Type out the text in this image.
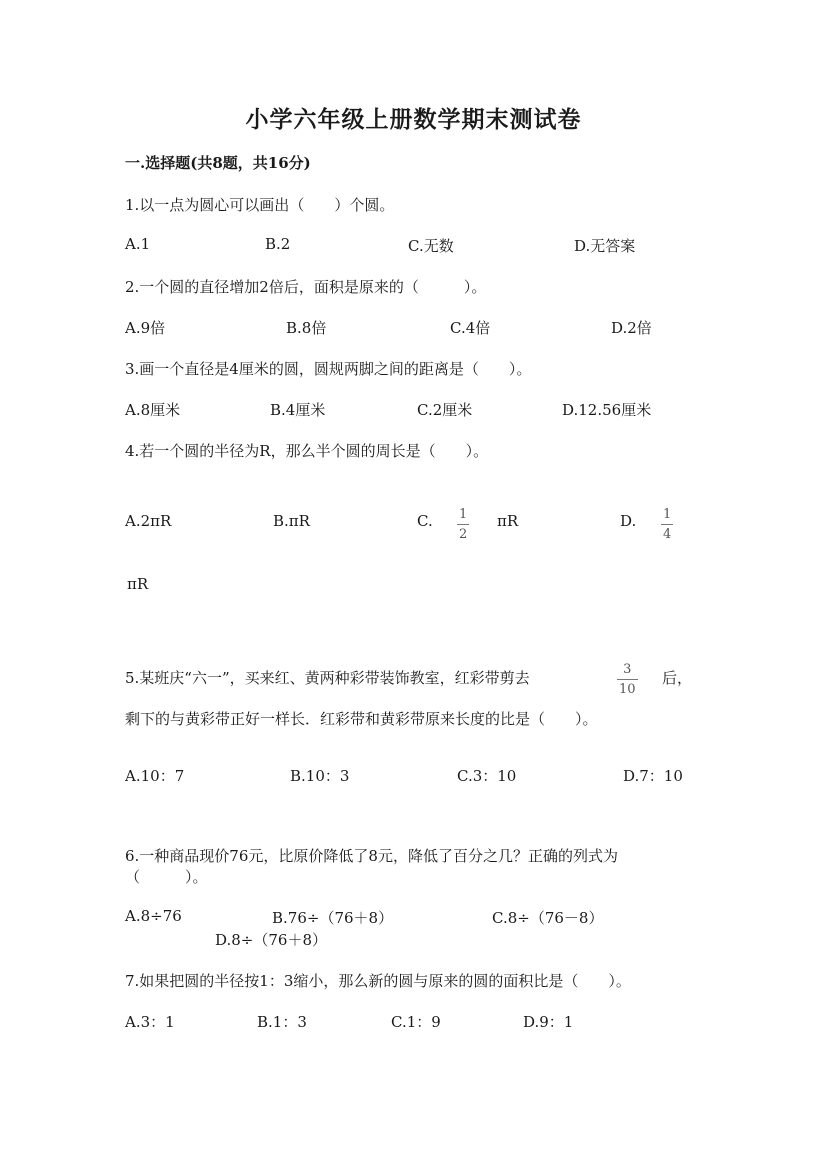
小学六年级上册数学期末测试卷
一.选择题(共8题，共16分)
1.以一点为圆心可以画出（　　）个圆。
A.1	B.2	C.无数	D.无答案
2.一个圆的直径增加2倍后，面积是原来的（　　　）。
A.9倍	B.8倍	C.4倍	D.2倍
3.画一个直径是4厘米的圆，圆规两脚之间的距离是（　　）。
A.8厘米	B.4厘米	C.2厘米	D.12.56厘米
4.若一个圆的半径为R，那么半个圆的周长是（　　）。
A.2πR	B.πR	C. 1
2
πR	D. 1
4
πR
5.某班庆“六一”，买来红、黄两种彩带装饰教室，红彩带剪去	3
10
后，
剩下的与黄彩带正好一样长．红彩带和黄彩带原来长度的比是（　　）。
A.10：7	B.10：3	C.3：10	D.7：10
6.一种商品现价76元，比原价降低了8元，降低了百分之几？正确的列式为
（　　　）。
A.8÷76	B.76÷（76＋8）	C.8÷（76－8）
D.8÷（76＋8）
7.如果把圆的半径按1：3缩小，那么新的圆与原来的圆的面积比是（　　）。
A.3：1	B.1：3	C.1：9	D.9：1
